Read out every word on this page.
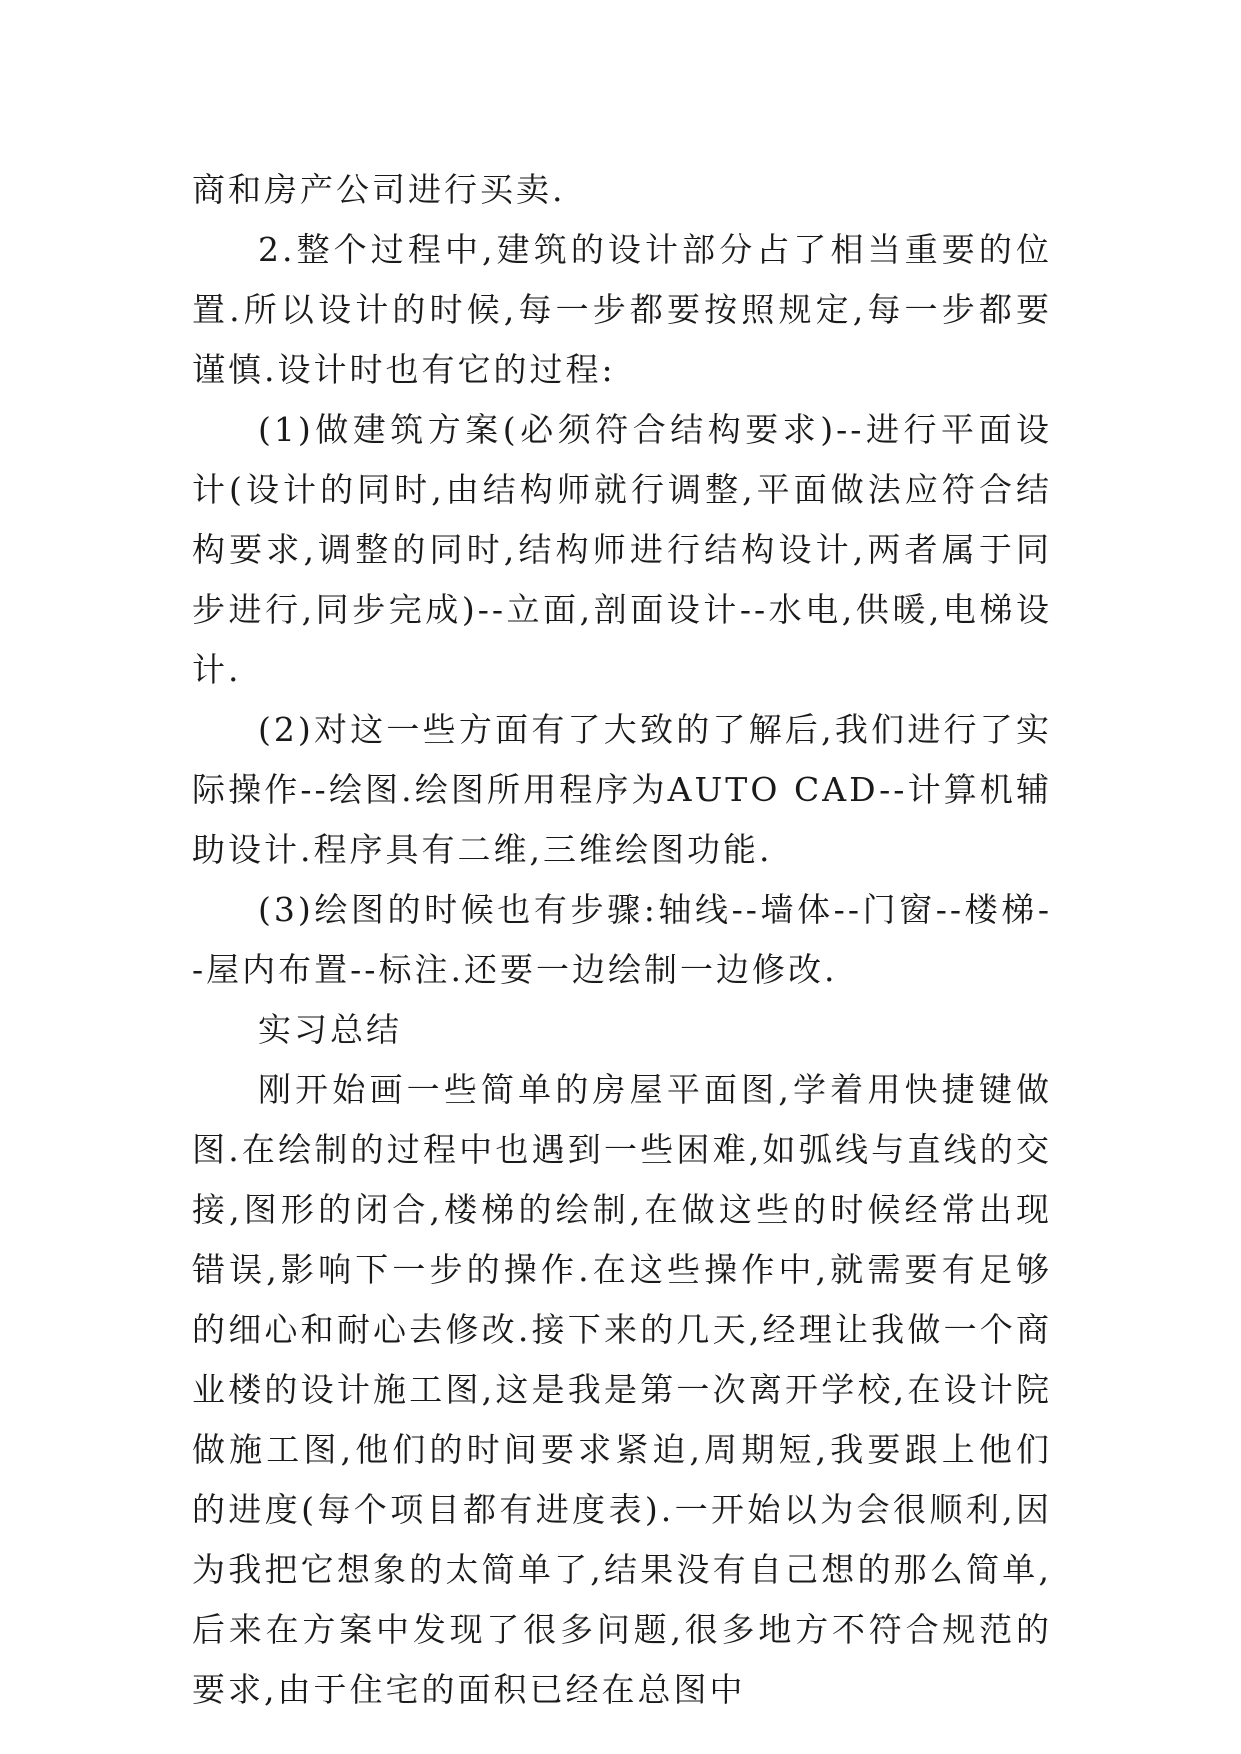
商和房产公司进行买卖.

2.整个过程中,建筑的设计部分占了相当重要的位置.所以设计的时候,每一步都要按照规定,每一步都要谨慎.设计时也有它的过程:

(1)做建筑方案(必须符合结构要求)--进行平面设计(设计的同时,由结构师就行调整,平面做法应符合结构要求,调整的同时,结构师进行结构设计,两者属于同步进行,同步完成)--立面,剖面设计--水电,供暖,电梯设计.

(2)对这一些方面有了大致的了解后,我们进行了实际操作--绘图.绘图所用程序为AUTO CAD--计算机辅助设计.程序具有二维,三维绘图功能.

(3)绘图的时候也有步骤:轴线--墙体--门窗--楼梯--屋内布置--标注.还要一边绘制一边修改.

实习总结

刚开始画一些简单的房屋平面图,学着用快捷键做图.在绘制的过程中也遇到一些困难,如弧线与直线的交接,图形的闭合,楼梯的绘制,在做这些的时候经常出现错误,影响下一步的操作.在这些操作中,就需要有足够的细心和耐心去修改.接下来的几天,经理让我做一个商业楼的设计施工图,这是我是第一次离开学校,在设计院做施工图,他们的时间要求紧迫,周期短,我要跟上他们的进度(每个项目都有进度表).一开始以为会很顺利,因为我把它想象的太简单了,结果没有自己想的那么简单,后来在方案中发现了很多问题,很多地方不符合规范的要求,由于住宅的面积已经在总图中
